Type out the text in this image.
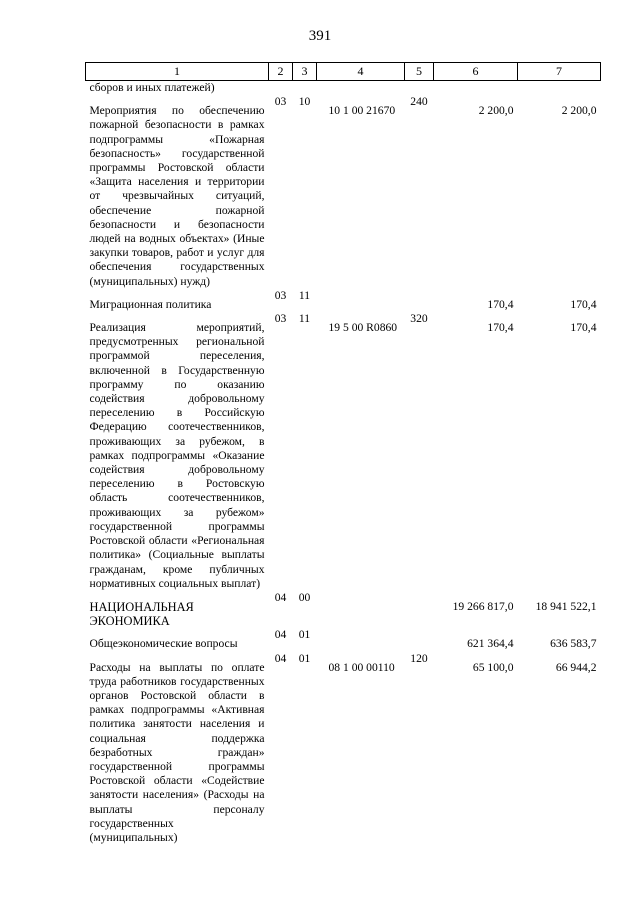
391
1	2	3	4	5	6	7
сборов и иных платежей)						
Мероприятия по обеспечению пожарной безопасности в рамках подпрограммы «Пожарная безопасность» государственной программы Ростовской области «Защита населения и территории от чрезвычайных ситуаций, обеспечение пожарной безопасности и безопасности людей на водных объектах» (Иные закупки товаров, работ и услуг для обеспечения государственных (муниципальных) нужд)	03	10	10 1 00 21670	240	2 200,0	2 200,0
Миграционная политика	03	11			170,4	170,4
Реализация мероприятий, предусмотренных региональной программой переселения, включенной в Государственную программу по оказанию содействия добровольному переселению в Российскую Федерацию соотечественников, проживающих за рубежом, в рамках подпрограммы «Оказание содействия добровольному переселению в Ростовскую область соотечественников, проживающих за рубежом» государственной программы Ростовской области «Региональная политика» (Социальные выплаты гражданам, кроме публичных нормативных социальных выплат)	03	11	19 5 00 R0860	320	170,4	170,4
НАЦИОНАЛЬНАЯ ЭКОНОМИКА	04	00			19 266 817,0	18 941 522,1
Общеэкономические вопросы	04	01			621 364,4	636 583,7
Расходы на выплаты по оплате труда работников государственных органов Ростовской области в рамках подпрограммы «Активная политика занятости населения и социальная поддержка безработных граждан» государственной программы Ростовской области «Содействие занятости населения» (Расходы на выплаты персоналу государственных (муниципальных)	04	01	08 1 00 00110	120	65 100,0	66 944,2
